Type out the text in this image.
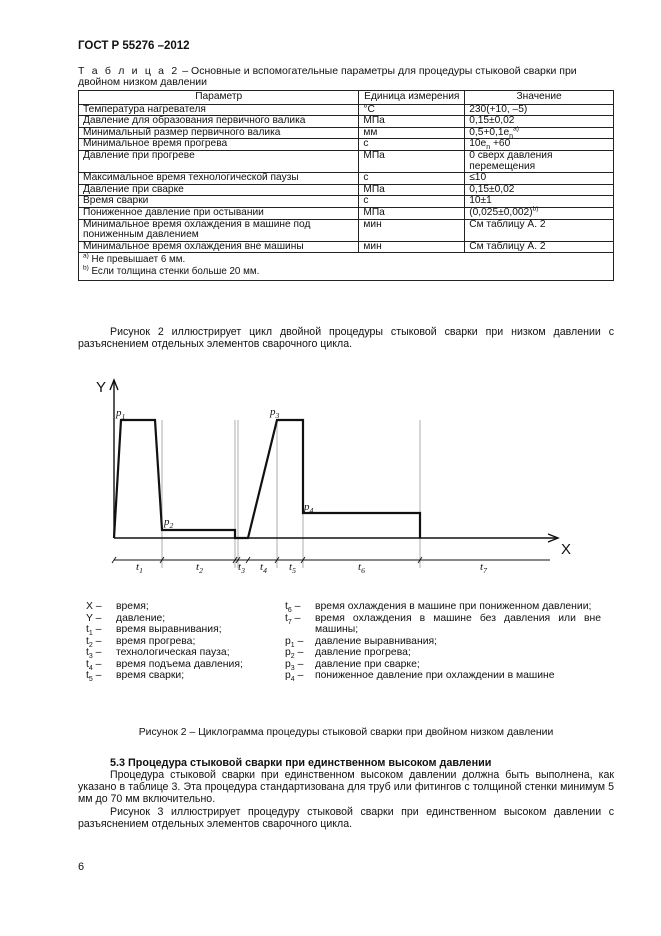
ГОСТ Р 55276 –2012
Т а б л и ц а 2 – Основные и вспомогательные параметры для процедуры стыковой сварки при двойном низком давлении
Параметр	Единица измерения	Значение
Температура нагревателя	°С	230(+10, –5)
Давление для образования первичного валика	МПа	0,15±0,02
Минимальный размер первичного валика	мм	$0,5+0,1e_n^{a)}$
Минимальное время прогрева	с	$10e_n +60$
Давление при прогреве	МПа	0 сверх давления перемещения
Максимальное время технологической паузы	с	≤10
Давление при сварке	МПа	0,15±0,02
Время сварки	с	10±1
Пониженное давление при остывании	МПа	$(0,025\pm 0,002)^{b)}$
Минимальное время охлаждения в машине под пониженным давлением	мин	См таблицу А. 2
Минимальное время охлаждения вне машины	мин	См таблицу А. 2

$^{a)}$ Не превышает 6 мм.
$^{b)}$ Если толщина стенки больше 20 мм.		
Рисунок 2 иллюстрирует цикл двойной процедуры стыковой сварки при низком давлении с разъяснением отдельных элементов сварочного цикла.
Y
X
$p_1$
$p_2$
$p_3$
$p_4$
$t_1$	$t_2$	$t_3$ $t_4$ $t_5$	$t_6$	$t_7$
X –	время;
Y –	давление;
$t_1$ –	время выравнивания;
$t_2$ –	время прогрева;
$t_3$ –	технологическая пауза;
$t_4$ –	время подъема давления;
$t_5$ –	время сварки;
$t_6$ –	время охлаждения в машине при пониженном давлении;
$t_7$ –	время охлаждения в машине без давления или вне машины;
$p_1$ –	давление выравнивания;
$p_2$ –	давление прогрева;
$p_3$ –	давление при сварке;
$p_4$ –	пониженное давление при охлаждении в машине
Рисунок 2 – Циклограмма процедуры стыковой сварки при двойном низком давлении
5.3 Процедура стыковой сварки при единственном высоком давлении
Процедура стыковой сварки при единственном высоком давлении должна быть выполнена, как указано в таблице 3. Эта процедура стандартизована для труб или фитингов с толщиной стенки минимум 5 мм до 70 мм включительно.
Рисунок 3 иллюстрирует процедуру стыковой сварки при единственном высоком давлении с разъяснением отдельных элементов сварочного цикла.
6
